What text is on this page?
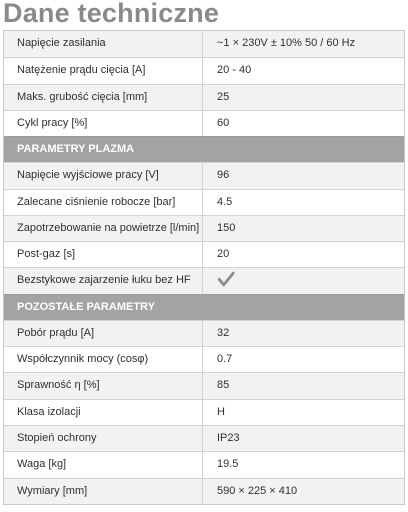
Dane techniczne
Napięcie zasilania	~1 × 230V ± 10% 50 / 60 Hz
Natężenie prądu cięcia [A]	20 - 40
Maks. grubość cięcia [mm]	25
Cykl pracy [%]	60
PARAMETRY PLAZMA
Napięcie wyjściowe pracy [V]	96
Zalecane ciśnienie robocze [bar]	4.5
Zapotrzebowanie na powietrze [l/min]	150
Post-gaz [s]	20
Bezstykowe zajarzenie łuku bez HF
POZOSTAŁE PARAMETRY
Pobór prądu [A]	32
Współczynnik mocy (cosφ)	0.7
Sprawność η [%]	85
Klasa izolacji	H
Stopień ochrony	IP23
Waga [kg]	19.5
Wymiary [mm]	590 × 225 × 410
